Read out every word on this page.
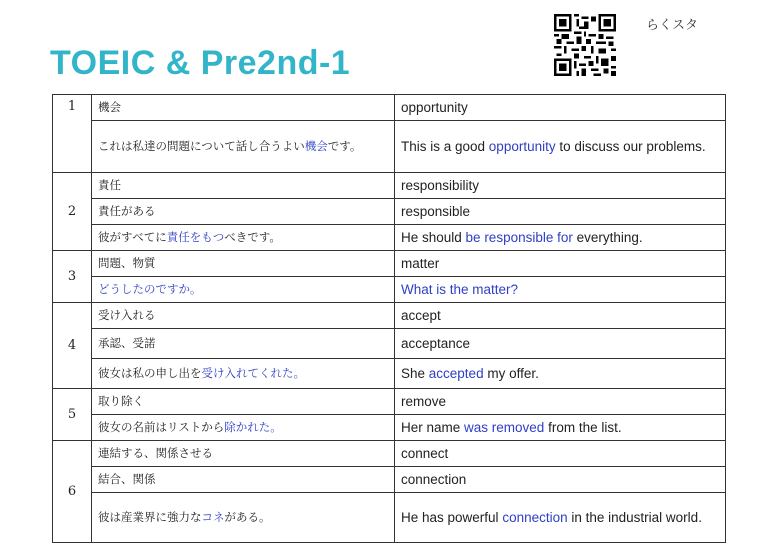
TOEIC & Pre2nd-1
らくスタ
1	機会	opportunity
	これは私達の問題について話し合うよい機会です。	This is a good opportunity to discuss our problems.
2	責任	responsibility
	責任がある	responsible
	彼がすべてに責任をもつべきです。	He should be responsible for everything.
3	問題、物質	matter
	どうしたのですか。	What is the matter?
4	受け入れる	accept
	承認、受諾	acceptance
	彼女は私の申し出を受け入れてくれた。	She accepted my offer.
5	取り除く	remove
	彼女の名前はリストから除かれた。	Her name was removed from the list.
6	連結する、関係させる	connect
	結合、関係	connection
	彼は産業界に強力なコネがある。	He has powerful connection in the industrial world.
